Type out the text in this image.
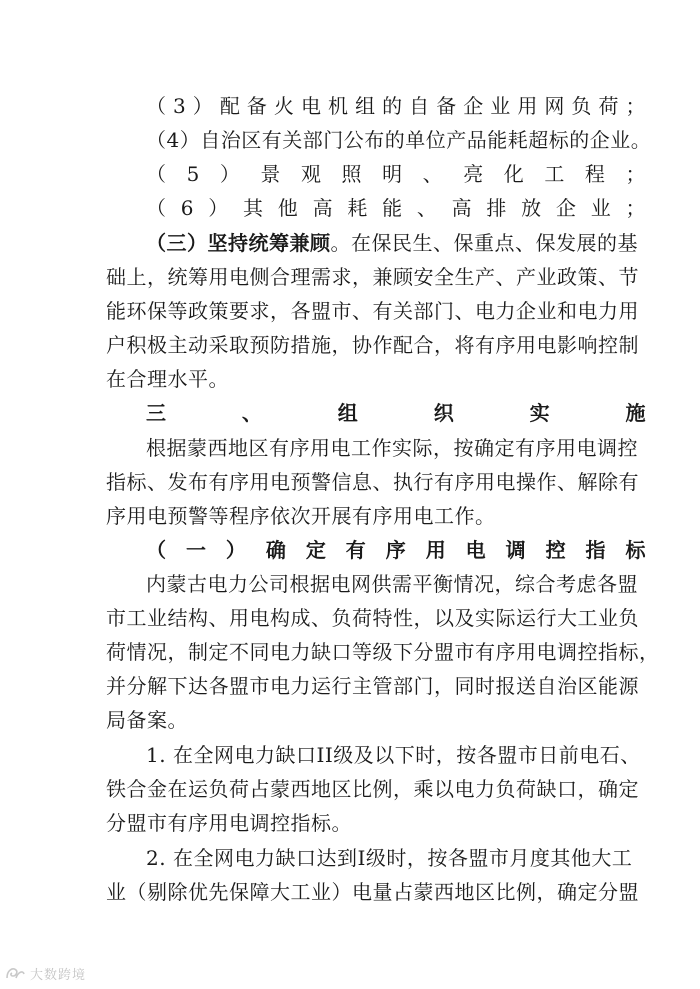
（3）配备火电机组的自备企业用网负荷；
（4）自治区有关部门公布的单位产品能耗超标的企业。
（5）景观照明、亮化工程；
（6）其他高耗能、高排放企业；
（三）坚持统筹兼顾。在保民生、保重点、保发展的基
础上，统筹用电侧合理需求，兼顾安全生产、产业政策、节
能环保等政策要求，各盟市、有关部门、电力企业和电力用
户积极主动采取预防措施，协作配合，将有序用电影响控制
在合理水平。
三、组织实施
根据蒙西地区有序用电工作实际，按确定有序用电调控
指标、发布有序用电预警信息、执行有序用电操作、解除有
序用电预警等程序依次开展有序用电工作。
（一）确定有序用电调控指标
内蒙古电力公司根据电网供需平衡情况，综合考虑各盟
市工业结构、用电构成、负荷特性，以及实际运行大工业负
荷情况，制定不同电力缺口等级下分盟市有序用电调控指标，
并分解下达各盟市电力运行主管部门，同时报送自治区能源
局备案。
1. 在全网电力缺口II级及以下时，按各盟市日前电石、
铁合金在运负荷占蒙西地区比例，乘以电力负荷缺口，确定
分盟市有序用电调控指标。
2. 在全网电力缺口达到I级时，按各盟市月度其他大工
业（剔除优先保障大工业）电量占蒙西地区比例，确定分盟
大数跨境
